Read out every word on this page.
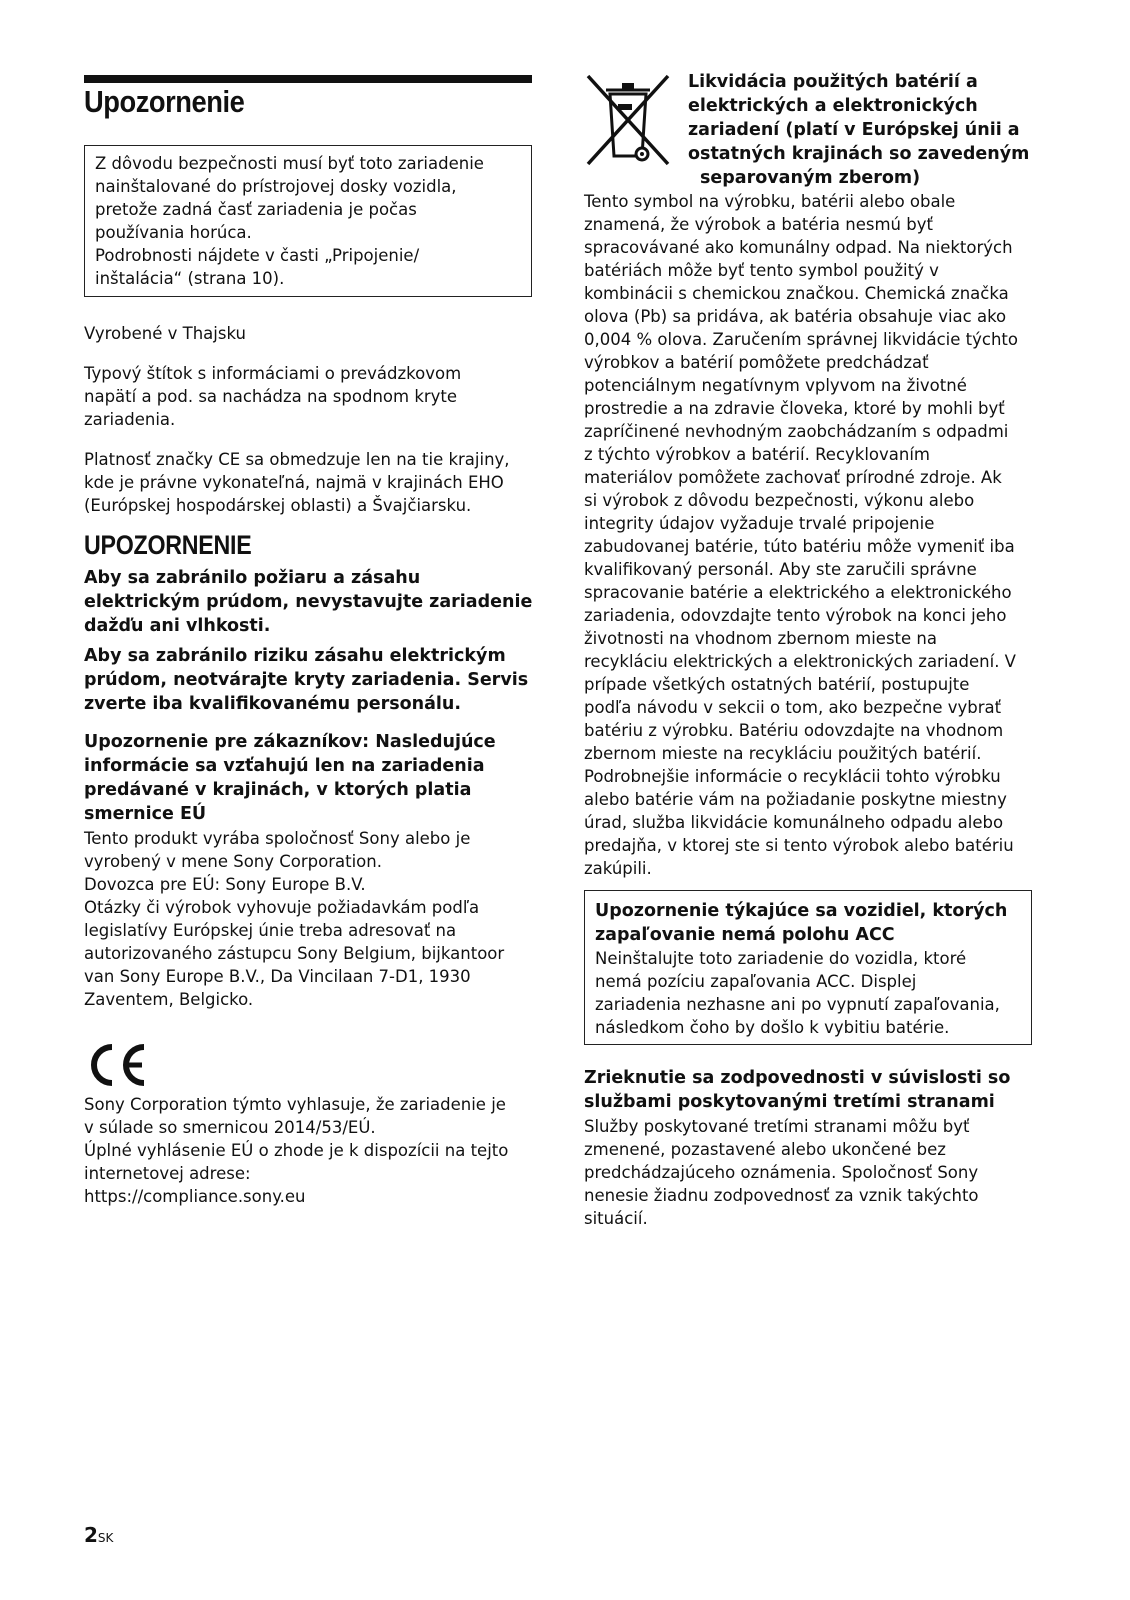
Upozornenie
Z dôvodu bezpečnosti musí byť toto zariadenie
nainštalované do prístrojovej dosky vozidla,
pretože zadná časť zariadenia je počas
používania horúca.
Podrobnosti nájdete v časti „Pripojenie/
inštalácia“ (strana 10).

Vyrobené v Thajsku

Typový štítok s informáciami o prevádzkovom
napätí a pod. sa nachádza na spodnom kryte
zariadenia.
Platnosť značky CE sa obmedzuje len na tie krajiny,
kde je právne vykonateľná, najmä v krajinách EHO
(Európskej hospodárskej oblasti) a Švajčiarsku.
UPOZORNENIE
Aby sa zabránilo požiaru a zásahu
elektrickým prúdom, nevystavujte zariadenie
dažďu ani vlhkosti.
Aby sa zabránilo riziku zásahu elektrickým
prúdom, neotvárajte kryty zariadenia. Servis
zverte iba kvalifikovanému personálu.
Upozornenie pre zákazníkov: Nasledujúce
informácie sa vzťahujú len na zariadenia
predávané v krajinách, v ktorých platia
smernice EÚ
Tento produkt vyrába spoločnosť Sony alebo je
vyrobený v mene Sony Corporation.
Dovozca pre EÚ: Sony Europe B.V.
Otázky či výrobok vyhovuje požiadavkám podľa
legislatívy Európskej únie treba adresovať na
autorizovaného zástupcu Sony Belgium, bijkantoor
van Sony Europe B.V., Da Vincilaan 7-D1, 1930
Zaventem, Belgicko.
Sony Corporation týmto vyhlasuje, že zariadenie je
v súlade so smernicou 2014/53/EÚ.
Úplné vyhlásenie EÚ o zhode je k dispozícii na tejto
internetovej adrese:
https://compliance.sony.eu
2SK
Likvidácia použitých batérií a
elektrických a elektronických
zariadení (platí v Európskej únii a
ostatných krajinách so zavedeným
separovaným zberom)
Tento symbol na výrobku, batérii alebo obale
znamená, že výrobok a batéria nesmú byť
spracovávané ako komunálny odpad. Na niektorých
batériách môže byť tento symbol použitý v
kombinácii s chemickou značkou. Chemická značka
olova (Pb) sa pridáva, ak batéria obsahuje viac ako
0,004 % olova. Zaručením správnej likvidácie týchto
výrobkov a batérií pomôžete predchádzať
potenciálnym negatívnym vplyvom na životné
prostredie a na zdravie človeka, ktoré by mohli byť
zapríčinené nevhodným zaobchádzaním s odpadmi
z týchto výrobkov a batérií. Recyklovaním
materiálov pomôžete zachovať prírodné zdroje. Ak
si výrobok z dôvodu bezpečnosti, výkonu alebo
integrity údajov vyžaduje trvalé pripojenie
zabudovanej batérie, túto batériu môže vymeniť iba
kvalifikovaný personál. Aby ste zaručili správne
spracovanie batérie a elektrického a elektronického
zariadenia, odovzdajte tento výrobok na konci jeho
životnosti na vhodnom zbernom mieste na
recykláciu elektrických a elektronických zariadení. V
prípade všetkých ostatných batérií, postupujte
podľa návodu v sekcii o tom, ako bezpečne vybrať
batériu z výrobku. Batériu odovzdajte na vhodnom
zbernom mieste na recykláciu použitých batérií.
Podrobnejšie informácie o recyklácii tohto výrobku
alebo batérie vám na požiadanie poskytne miestny
úrad, služba likvidácie komunálneho odpadu alebo
predajňa, v ktorej ste si tento výrobok alebo batériu
zakúpili.
Upozornenie týkajúce sa vozidiel, ktorých
zapaľovanie nemá polohu ACC
Neinštalujte toto zariadenie do vozidla, ktoré
nemá pozíciu zapaľovania ACC. Displej
zariadenia nezhasne ani po vypnutí zapaľovania,
následkom čoho by došlo k vybitiu batérie.
Zrieknutie sa zodpovednosti v súvislosti so
službami poskytovanými tretími stranami
Služby poskytované tretími stranami môžu byť
zmenené, pozastavené alebo ukončené bez
predchádzajúceho oznámenia. Spoločnosť Sony
nenesie žiadnu zodpovednosť za vznik takýchto
situácií.
